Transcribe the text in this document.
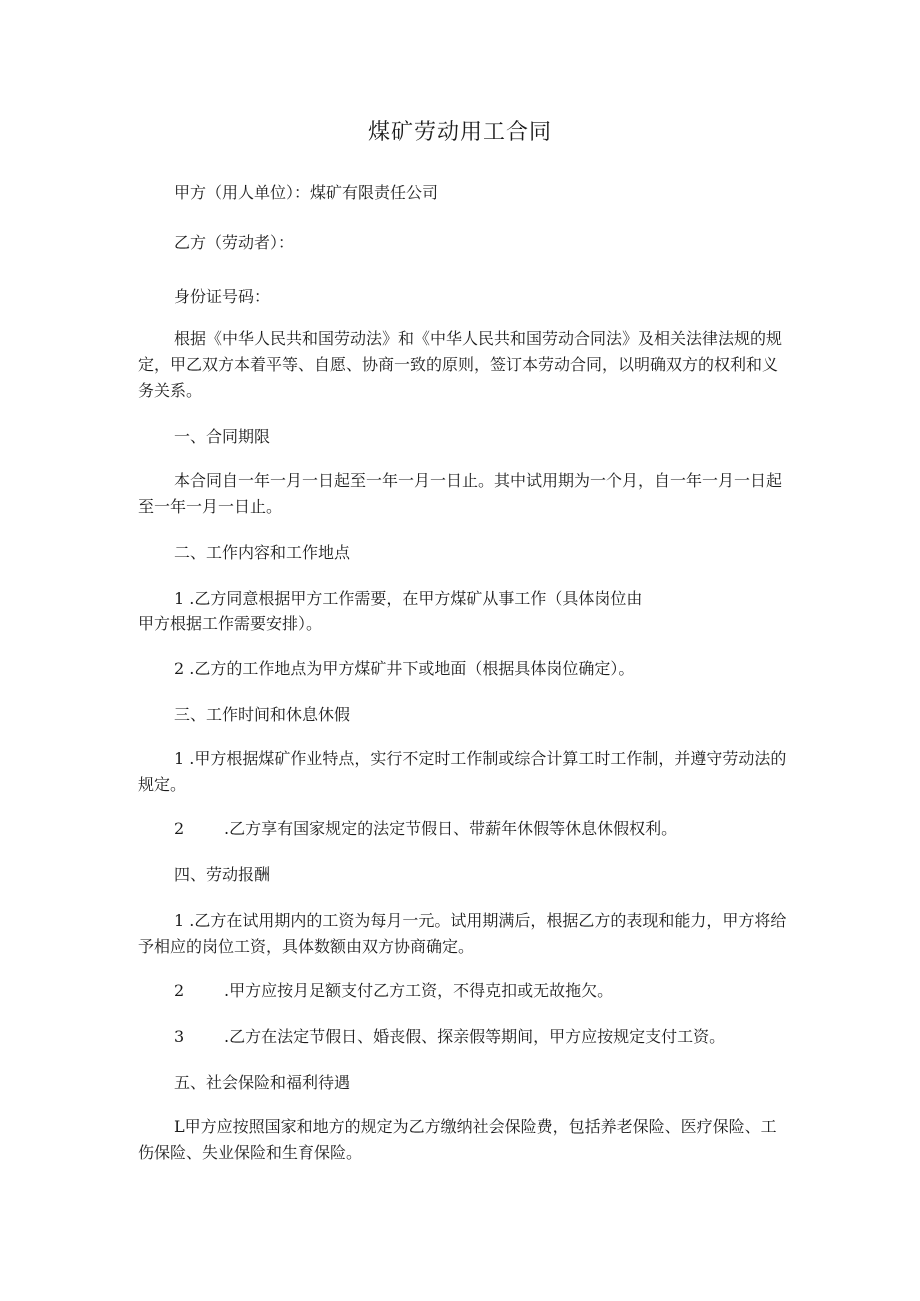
煤矿劳动用工合同

甲方（用人单位）：煤矿有限责任公司

乙方（劳动者）：

身份证号码：

根据《中华人民共和国劳动法》和《中华人民共和国劳动合同法》及相关法律法规的规定，甲乙双方本着平等、自愿、协商一致的原则，签订本劳动合同，以明确双方的权利和义务关系。

一、合同期限

本合同自一年一月一日起至一年一月一日止。其中试用期为一个月，自一年一月一日起至一年一月一日止。

二、工作内容和工作地点

1 .乙方同意根据甲方工作需要，在甲方煤矿从事工作（具体岗位由

甲方根据工作需要安排）。

2 .乙方的工作地点为甲方煤矿井下或地面（根据具体岗位确定）。

三、工作时间和休息休假

1 .甲方根据煤矿作业特点，实行不定时工作制或综合计算工时工作制，并遵守劳动法的规定。

2 .乙方享有国家规定的法定节假日、带薪年休假等休息休假权利。

四、劳动报酬

1 .乙方在试用期内的工资为每月一元。试用期满后，根据乙方的表现和能力，甲方将给予相应的岗位工资，具体数额由双方协商确定。

2 .甲方应按月足额支付乙方工资，不得克扣或无故拖欠。
3 .乙方在法定节假日、婚丧假、探亲假等期间，甲方应按规定支付工资。

五、社会保险和福利待遇

L甲方应按照国家和地方的规定为乙方缴纳社会保险费，包括养老保险、医疗保险、工伤保险、失业保险和生育保险。
